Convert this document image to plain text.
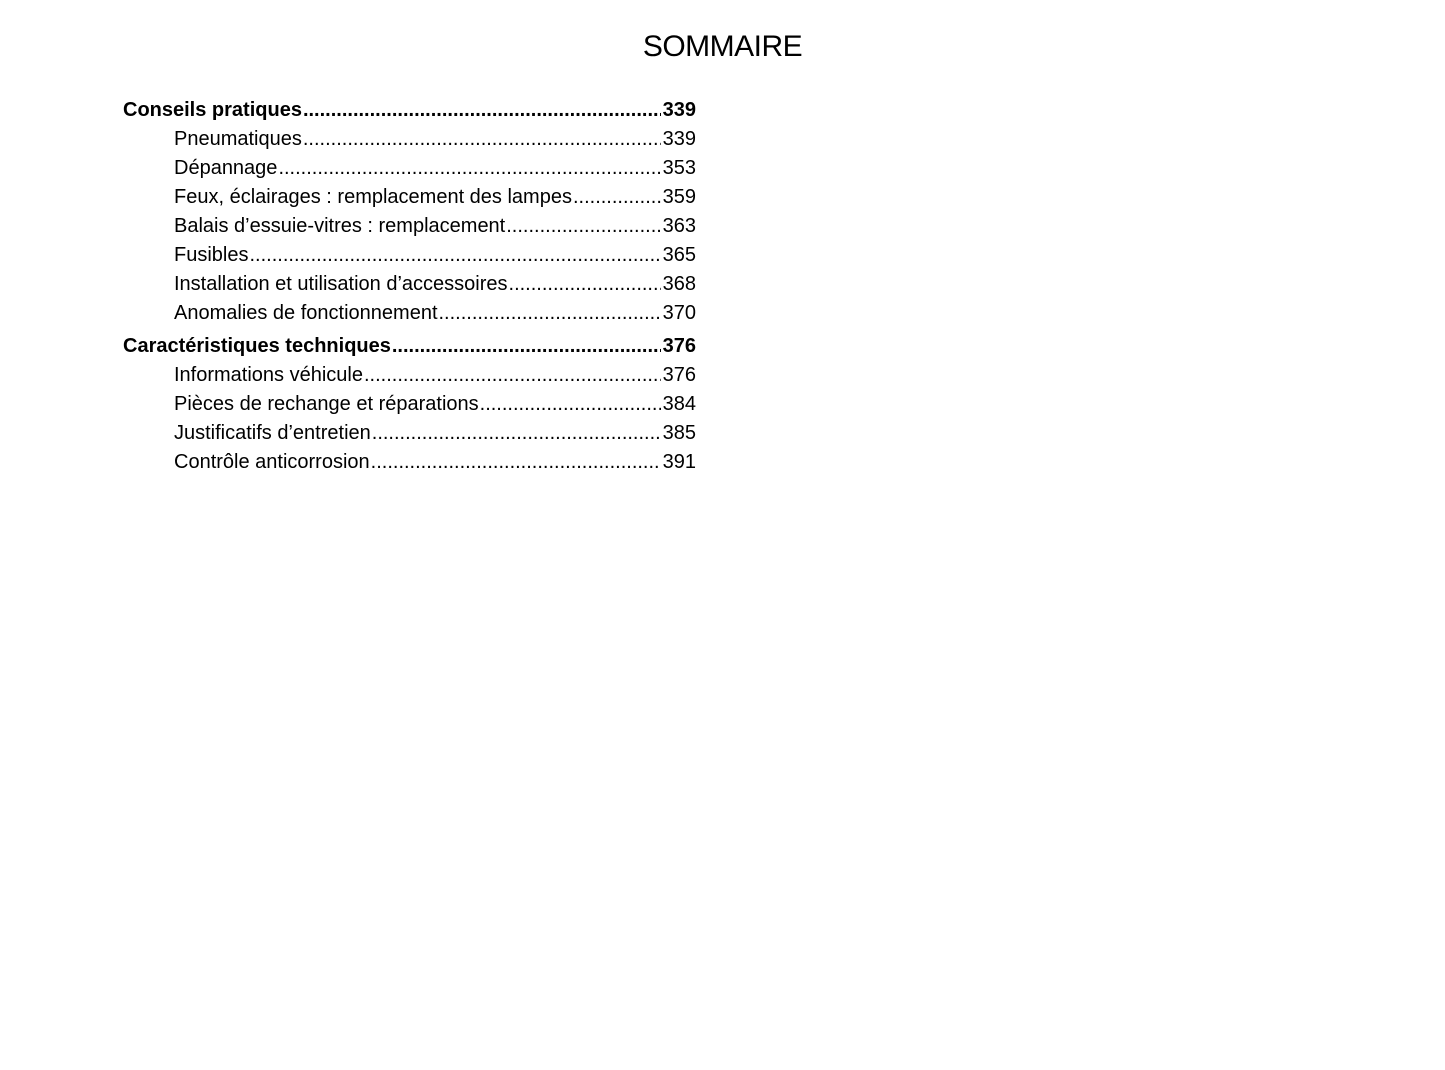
SOMMAIRE
Conseils pratiques .....	339
Pneumatiques .....	339
Dépannage .....	353
Feux, éclairages : remplacement des lampes .....	359
Balais d’essuie-vitres : remplacement .....	363
Fusibles .....	365
Installation et utilisation d’accessoires .....	368
Anomalies de fonctionnement .....	370
Caractéristiques techniques .....	376
Informations véhicule .....	376
Pièces de rechange et réparations .....	384
Justificatifs d’entretien .....	385
Contrôle anticorrosion .....	391
